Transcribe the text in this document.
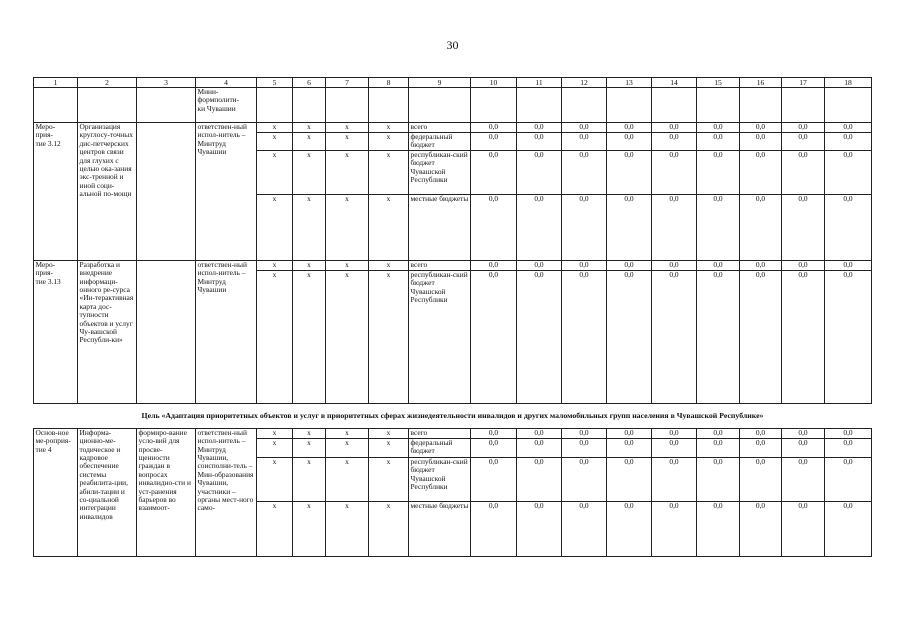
30
1	2	3	4	5	6	7	8	9	10	11	12	13	14	15	16	17	18
			Мини-
формполити-
ки Чувашии														
Меро-
прия-
тие 3.12	Организация круглосу-точных дис-петчерских центров связи для глухих с целью ока-зания экс-тренной и иной соци-альной по-мощи		ответствен-ный испол-нитель – Минтруд Чувашии	x	x	x	x	всего	0,0	0,0	0,0	0,0	0,0	0,0	0,0	0,0	0,0
				x	x	x	x	федеральный бюджет	0,0	0,0	0,0	0,0	0,0	0,0	0,0	0,0	0,0
				x	x	x	x	республикан-ский бюджет Чувашской Республики	0,0	0,0	0,0	0,0	0,0	0,0	0,0	0,0	0,0
				x	x	x	x	местные бюджеты	0,0	0,0	0,0	0,0	0,0	0,0	0,0	0,0	0,0
Меро-
прия-
тие 3.13	Разработка и внедрение информаци-онного ре-сурса «Ин-терактивная карта дос-тупности объектов и услуг Чу-вашской Республи-ки»		ответствен-ный испол-нитель – Минтруд Чувашии	x	x	x	x	всего	0,0	0,0	0,0	0,0	0,0	0,0	0,0	0,0	0,0
				x	x	x	x	республикан-ский бюджет Чувашской Республики	0,0	0,0	0,0	0,0	0,0	0,0	0,0	0,0	0,0
Цель «Адаптация приоритетных объектов и услуг в приоритетных сферах жизнедеятельности инвалидов и других маломобильных групп населения в Чувашской Республике»																	
Основ-ное ме-роприя-тие 4	Информа-ционно-ме-тодическое и кадровое обеспечение системы реабилита-ции, абили-тации и со-циальной интеграции инвалидов	формиро-вание усло-вий для просве-щенности граждан в вопросах инвалидно-сти и уст-ранения барьеров во взаимоот-	ответствен-ный испол-нитель – Минтруд Чувашии, соисполни-тель – Мин-образования Чувашии, участники – органы мест-ного само-	x	x	x	x	всего	0,0	0,0	0,0	0,0	0,0	0,0	0,0	0,0	0,0
				x	x	x	x	федеральный бюджет	0,0	0,0	0,0	0,0	0,0	0,0	0,0	0,0	0,0
				x	x	x	x	республикан-ский бюджет Чувашской Республики	0,0	0,0	0,0	0,0	0,0	0,0	0,0	0,0	0,0
				x	x	x	x	местные бюджеты	0,0	0,0	0,0	0,0	0,0	0,0	0,0	0,0	0,0
